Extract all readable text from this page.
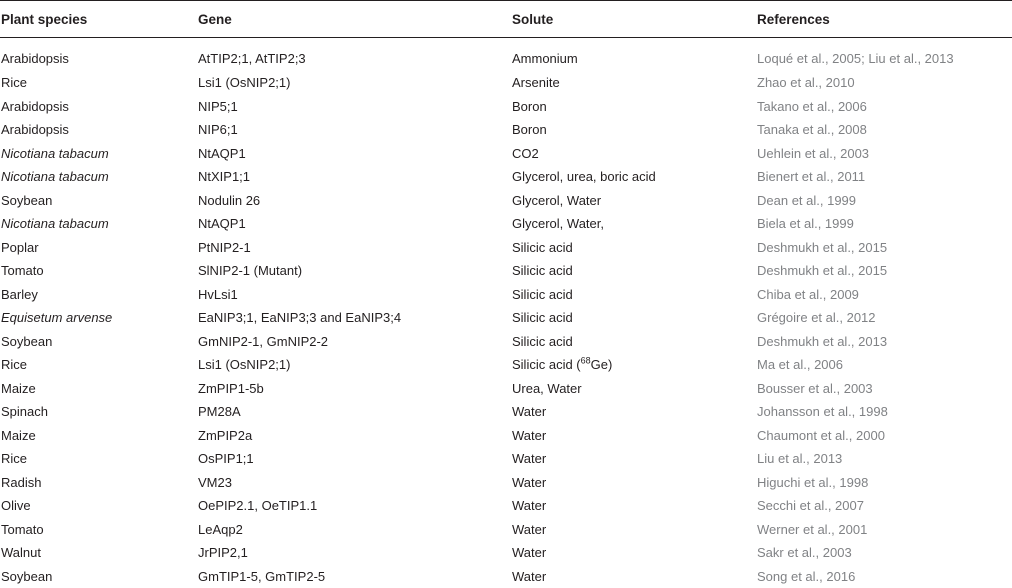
Plant species	Gene	Solute	References
Arabidopsis	AtTIP2;1, AtTIP2;3	Ammonium	Loqué et al., 2005; Liu et al., 2013
Rice	Lsi1 (OsNIP2;1)	Arsenite	Zhao et al., 2010
Arabidopsis	NIP5;1	Boron	Takano et al., 2006
Arabidopsis	NIP6;1	Boron	Tanaka et al., 2008
Nicotiana tabacum	NtAQP1	CO2	Uehlein et al., 2003
Nicotiana tabacum	NtXIP1;1	Glycerol, urea, boric acid	Bienert et al., 2011
Soybean	Nodulin 26	Glycerol, Water	Dean et al., 1999
Nicotiana tabacum	NtAQP1	Glycerol, Water,	Biela et al., 1999
Poplar	PtNIP2-1	Silicic acid	Deshmukh et al., 2015
Tomato	SlNIP2-1 (Mutant)	Silicic acid	Deshmukh et al., 2015
Barley	HvLsi1	Silicic acid	Chiba et al., 2009
Equisetum arvense	EaNIP3;1, EaNIP3;3 and EaNIP3;4	Silicic acid	Grégoire et al., 2012
Soybean	GmNIP2-1, GmNIP2-2	Silicic acid	Deshmukh et al., 2013
Rice	Lsi1 (OsNIP2;1)	Silicic acid ($^{68}$Ge)	Ma et al., 2006
Maize	ZmPIP1-5b	Urea, Water	Bousser et al., 2003
Spinach	PM28A	Water	Johansson et al., 1998
Maize	ZmPIP2a	Water	Chaumont et al., 2000
Rice	OsPIP1;1	Water	Liu et al., 2013
Radish	VM23	Water	Higuchi et al., 1998
Olive	OePIP2.1, OeTIP1.1	Water	Secchi et al., 2007
Tomato	LeAqp2	Water	Werner et al., 2001
Walnut	JrPIP2,1	Water	Sakr et al., 2003
Soybean	GmTIP1-5, GmTIP2-5	Water	Song et al., 2016
